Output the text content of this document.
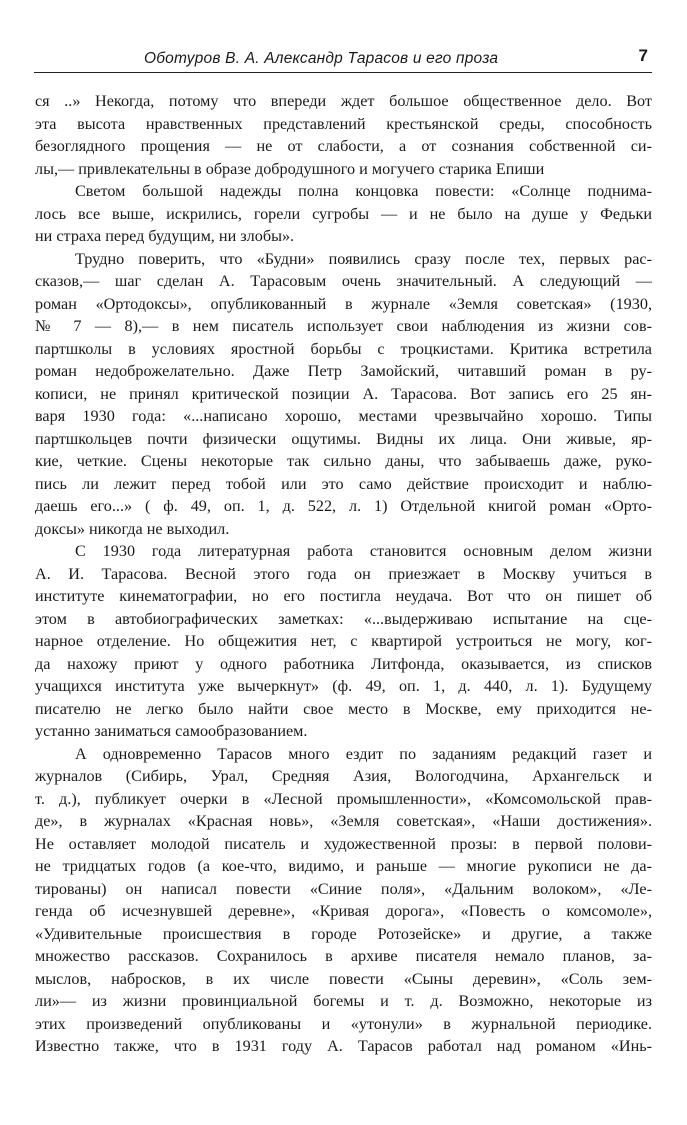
Оботуров В. А. Александр Тарасов и его проза	7
ся ..» Некогда, потому что впереди ждет большое общественное дело. Вот
эта высота нравственных представлений крестьянской среды, способность
безоглядного прощения — не от слабости, а от сознания собственной си-
лы,— привлекательны в образе добродушного и могучего старика Епиши
Светом большой надежды полна концовка повести: «Солнце поднима-
лось все выше, искрились, горели сугробы — и не было на душе у Федьки
ни страха перед будущим, ни злобы».
Трудно поверить, что «Будни» появились сразу после тех, первых рас-
сказов,— шаг сделан А. Тарасовым очень значительный. А следующий —
роман «Ортодоксы», опубликованный в журнале «Земля советская» (1930,
№ 7 — 8),— в нем писатель использует свои наблюдения из жизни сов-
партшколы в условиях яростной борьбы с троцкистами. Критика встретила
роман недоброжелательно. Даже Петр Замойский, читавший роман в ру-
кописи, не принял критической позиции А. Тарасова. Вот запись его 25 ян-
варя 1930 года: «...написано хорошо, местами чрезвычайно хорошо. Типы
партшкольцев почти физически ощутимы. Видны их лица. Они живые, яр-
кие, четкие. Сцены некоторые так сильно даны, что забываешь даже, руко-
пись ли лежит перед тобой или это само действие происходит и наблю-
даешь его...» ( ф. 49, оп. 1, д. 522, л. 1) Отдельной книгой роман «Орто-
доксы» никогда не выходил.
С 1930 года литературная работа становится основным делом жизни
А. И. Тарасова. Весной этого года он приезжает в Москву учиться в
институте кинематографии, но его постигла неудача. Вот что он пишет об
этом в автобиографических заметках: «...выдерживаю испытание на сце-
нарное отделение. Но общежития нет, с квартирой устроиться не могу, ког-
да нахожу приют у одного работника Литфонда, оказывается, из списков
учащихся института уже вычеркнут» (ф. 49, оп. 1, д. 440, л. 1). Будущему
писателю не легко было найти свое место в Москве, ему приходится не-
устанно заниматься самообразованием.
А одновременно Тарасов много ездит по заданиям редакций газет и
журналов (Сибирь, Урал, Средняя Азия, Вологодчина, Архангельск и
т. д.), публикует очерки в «Лесной промышленности», «Комсомольской прав-
де», в журналах «Красная новь», «Земля советская», «Наши достижения».
Не оставляет молодой писатель и художественной прозы: в первой полови-
не тридцатых годов (а кое-что, видимо, и раньше — многие рукописи не да-
тированы) он написал повести «Синие поля», «Дальним волоком», «Ле-
генда об исчезнувшей деревне», «Кривая дорога», «Повесть о комсомоле»,
«Удивительные происшествия в городе Ротозейске» и другие, а также
множество рассказов. Сохранилось в архиве писателя немало планов, за-
мыслов, набросков, в их числе повести «Сыны деревин», «Соль зем-
ли»— из жизни провинциальной богемы и т. д. Возможно, некоторые из
этих произведений опубликованы и «утонули» в журнальной периодике.
Известно также, что в 1931 году А. Тарасов работал над романом «Инь-
